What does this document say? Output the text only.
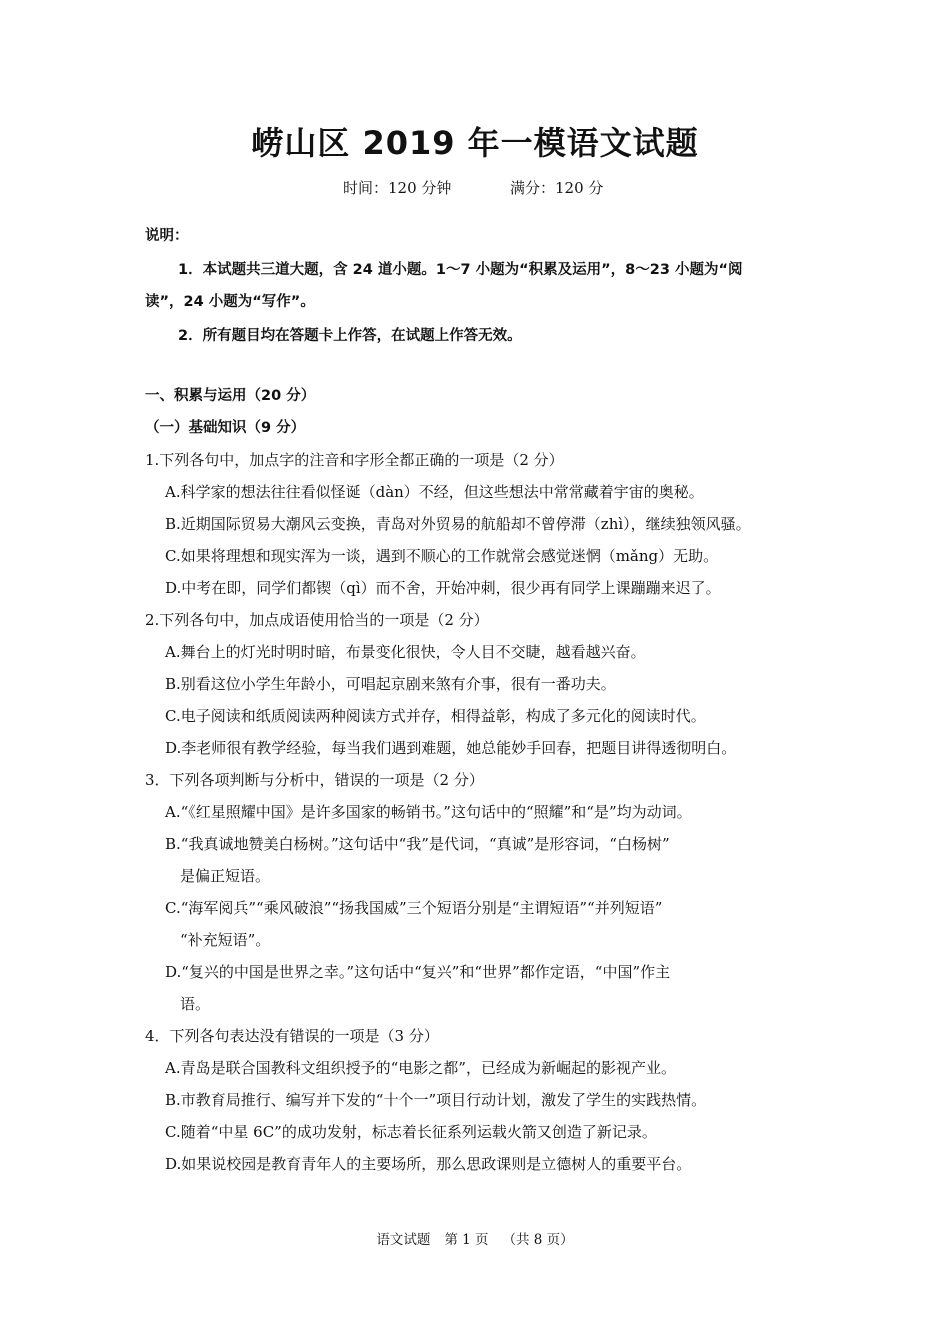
崂山区 2019 年一模语文试题
时间：120 分钟	满分：120 分
说明：
1．本试题共三道大题，含 24 道小题。1～7 小题为“积累及运用”，8～23 小题为“阅
读”，24 小题为“写作”。
2．所有题目均在答题卡上作答，在试题上作答无效。
一、积累与运用（20 分）
（一）基础知识（9 分）
1.下列各句中，加点字的注音和字形全都正确的一项是（2 分）
A.科学家的想法往往看似怪诞（dàn）不经，但这些想法中常常藏着宇宙的奥秘。
B.近期国际贸易大潮风云变换，青岛对外贸易的航船却不曾停滞（zhì），继续独领风骚。
C.如果将理想和现实浑为一谈，遇到不顺心的工作就常会感觉迷惘（mǎng）无助。
D.中考在即，同学们都锲（qì）而不舍，开始冲刺，很少再有同学上课蹦蹦来迟了。
2.下列各句中，加点成语使用恰当的一项是（2 分）
A.舞台上的灯光时明时暗，布景变化很快，令人目不交睫，越看越兴奋。
B.别看这位小学生年龄小，可唱起京剧来煞有介事，很有一番功夫。
C.电子阅读和纸质阅读两种阅读方式并存，相得益彰，构成了多元化的阅读时代。
D.李老师很有教学经验，每当我们遇到难题，她总能妙手回春，把题目讲得透彻明白。
3．下列各项判断与分析中，错误的一项是（2 分）
A.“《红星照耀中国》是许多国家的畅销书。”这句话中的“照耀”和“是”均为动词。
B.“我真诚地赞美白杨树。”这句话中“我”是代词，“真诚”是形容词，“白杨树”
是偏正短语。
C.“海军阅兵”“乘风破浪”“扬我国威”三个短语分别是“主谓短语”“并列短语”
“补充短语”。
D.“复兴的中国是世界之幸。”这句话中“复兴”和“世界”都作定语，“中国”作主
语。
4．下列各句表达没有错误的一项是（3 分）
A.青岛是联合国教科文组织授予的“电影之都”，已经成为新崛起的影视产业。
B.市教育局推行、编写并下发的“十个一”项目行动计划，激发了学生的实践热情。
C.随着“中星 6C”的成功发射，标志着长征系列运载火箭又创造了新记录。
D.如果说校园是教育青年人的主要场所，那么思政课则是立德树人的重要平台。
语文试题 第 1 页 （共 8 页）
